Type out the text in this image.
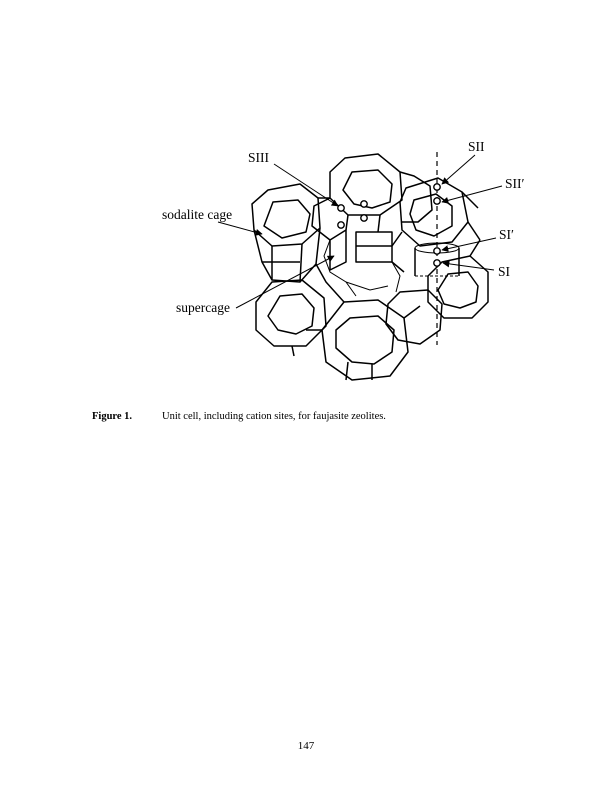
SIII
sodalite cage
supercage
SII
SII′
SI′
SI
Figure 1.	Unit cell, including cation sites, for faujasite zeolites.
147
